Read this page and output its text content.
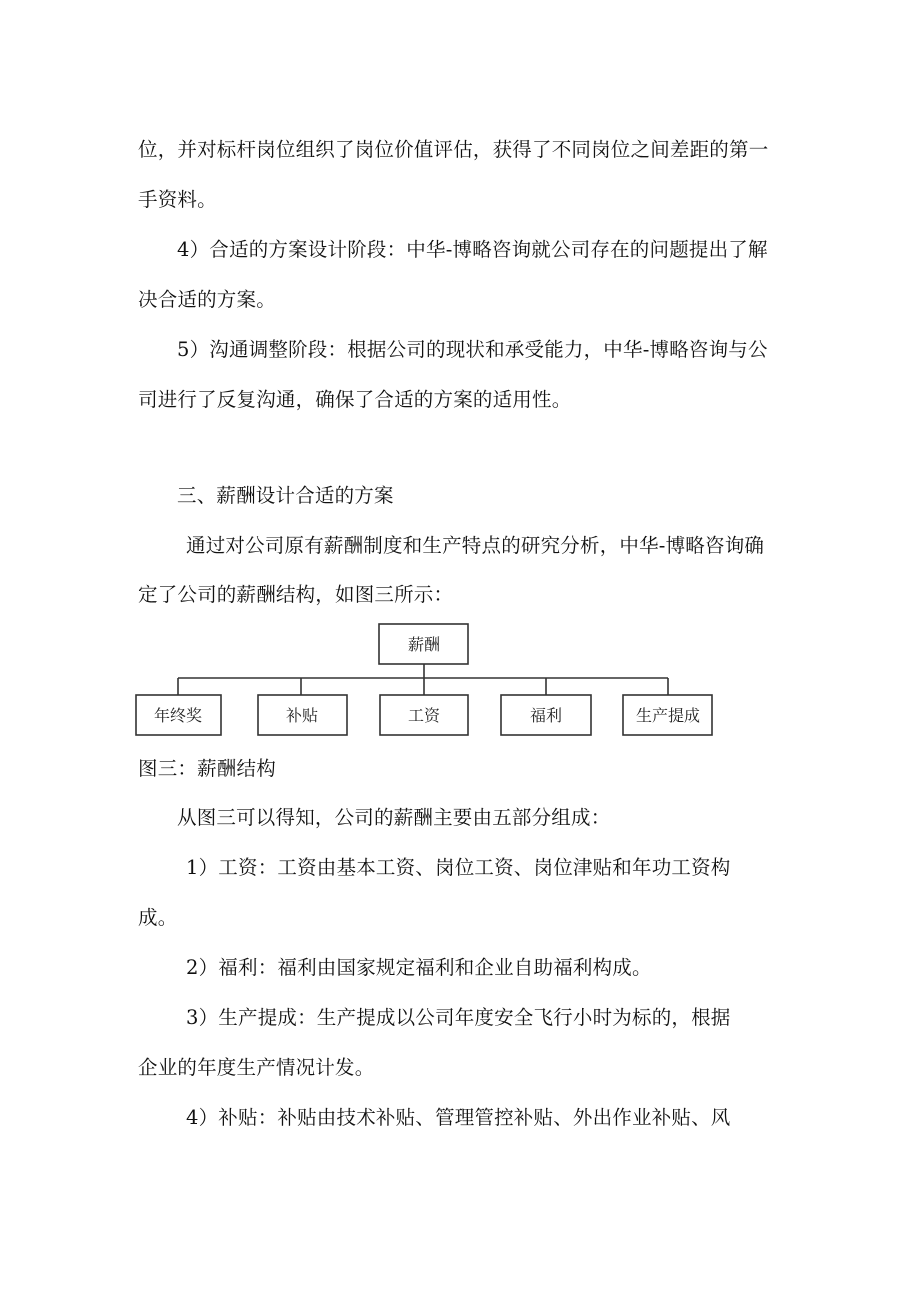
位，并对标杆岗位组织了岗位价值评估，获得了不同岗位之间差距的第一
手资料。
4）合适的方案设计阶段：中华-博略咨询就公司存在的问题提出了解
决合适的方案。
5）沟通调整阶段：根据公司的现状和承受能力，中华-博略咨询与公
司进行了反复沟通，确保了合适的方案的适用性。
三、薪酬设计合适的方案
通过对公司原有薪酬制度和生产特点的研究分析，中华-博略咨询确
定了公司的薪酬结构，如图三所示：
薪酬
年终奖	补贴	工资	福利	生产提成
图三：薪酬结构
从图三可以得知，公司的薪酬主要由五部分组成：
1）工资：工资由基本工资、岗位工资、岗位津贴和年功工资构
成。
2）福利：福利由国家规定福利和企业自助福利构成。
3）生产提成：生产提成以公司年度安全飞行小时为标的，根据
企业的年度生产情况计发。
4）补贴：补贴由技术补贴、管理管控补贴、外出作业补贴、风
